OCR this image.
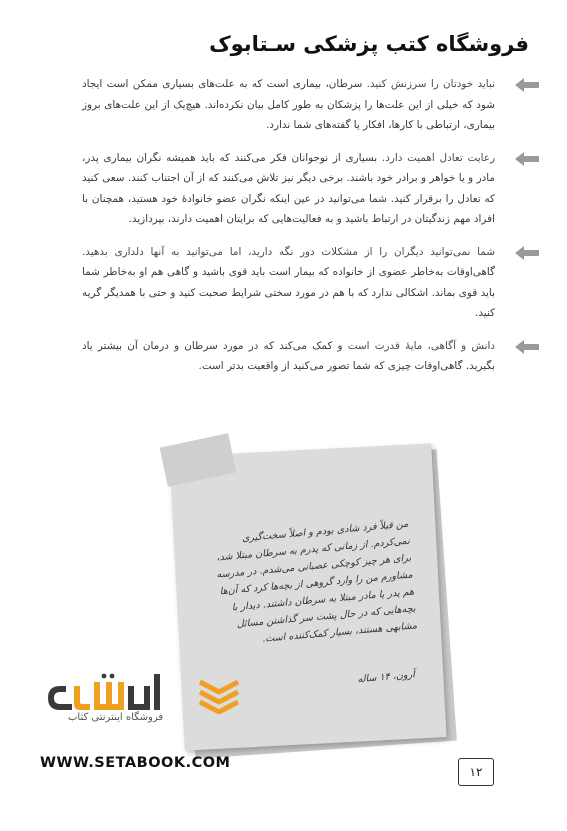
فروشگاه کتب پزشکی سـتابوک

نباید خودتان را سرزنش کنید. سرطان، بیماری است که به علت‌های بسیاری ممکن است ایجاد شود که خیلی از این علت‌ها را پزشکان به طور کامل بیان نکرده‌اند. هیچ‌یک از این علت‌های بروز بیماری، ارتباطی با کارها، افکار یا گفته‌های شما ندارد.

رعایت تعادل اهمیت دارد. بسیاری از نوجوانان فکر می‌کنند که باید همیشه نگران بیماری پدر، مادر و یا خواهر و برادر خود باشند. برخی دیگر نیز تلاش می‌کنند که از آن اجتناب کنند. سعی کنید که تعادل را برقرار کنید. شما می‌توانید در عین اینکه نگران عضو خانوادهٔ خود هستید، همچنان با افراد مهم زندگیتان در ارتباط باشید و به فعالیت‌هایی که برایتان اهمیت دارند، بپردازید.

شما نمی‌توانید دیگران را از مشکلات دور نگه دارید، اما می‌توانید به آنها دلداری بدهید. گاهی‌اوقات به‌خاطر عضوی از خانواده که بیمار است باید قوی باشید و گاهی هم او به‌خاطر شما باید قوی بماند. اشکالی ندارد که با هم در مورد سختی شرایط صحبت کنید و حتی با همدیگر گریه کنید.

دانش و آگاهی، مایهٔ قدرت است و کمک می‌کند که در مورد سرطان و درمان آن بیشتر یاد بگیرید. گاهی‌اوقات چیزی که شما تصور می‌کنید از واقعیت بدتر است.

من قبلاً فرد شادی بودم و اصلاً سخت‌گیری نمی‌کردم. از زمانی که پدرم به سرطان مبتلا شد، برای هر چیز کوچکی عصبانی می‌شدم. در مدرسه مشاورم من را وارد گروهی از بچه‌ها کرد که آن‌ها هم پدر یا مادر مبتلا به سرطان داشتند. دیدار با بچه‌هایی که در حال پشت سر گذاشتن مسائل مشابهی هستند، بسیار کمک‌کننده است.

آرون، ۱۴ ساله

فروشگاه اینترنتی کتاب

WWW.SETABOOK.COM

۱۲
